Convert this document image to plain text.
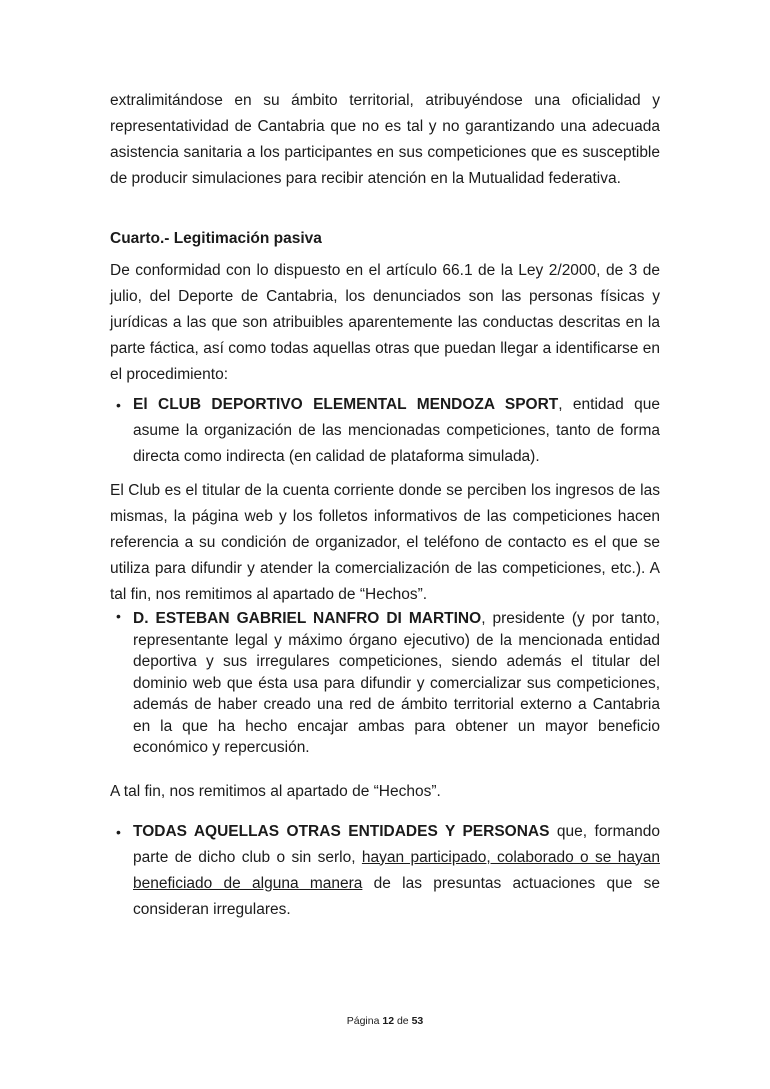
extralimitándose en su ámbito territorial, atribuyéndose una oficialidad y representatividad de Cantabria que no es tal y no garantizando una adecuada asistencia sanitaria a los participantes en sus competiciones que es susceptible de producir simulaciones para recibir atención en la Mutualidad federativa.

Cuarto.- Legitimación pasiva

De conformidad con lo dispuesto en el artículo 66.1 de la Ley 2/2000, de 3 de julio, del Deporte de Cantabria, los denunciados son las personas físicas y jurídicas a las que son atribuibles aparentemente las conductas descritas en la parte fáctica, así como todas aquellas otras que puedan llegar a identificarse en el procedimiento:

• El CLUB DEPORTIVO ELEMENTAL MENDOZA SPORT, entidad que asume la organización de las mencionadas competiciones, tanto de forma directa como indirecta (en calidad de plataforma simulada).

El Club es el titular de la cuenta corriente donde se perciben los ingresos de las mismas, la página web y los folletos informativos de las competiciones hacen referencia a su condición de organizador, el teléfono de contacto es el que se utiliza para difundir y atender la comercialización de las competiciones, etc.). A tal fin, nos remitimos al apartado de “Hechos”.

• D. ESTEBAN GABRIEL NANFRO DI MARTINO, presidente (y por tanto, representante legal y máximo órgano ejecutivo) de la mencionada entidad deportiva y sus irregulares competiciones, siendo además el titular del dominio web que ésta usa para difundir y comercializar sus competiciones, además de haber creado una red de ámbito territorial externo a Cantabria en la que ha hecho encajar ambas para obtener un mayor beneficio económico y repercusión.

A tal fin, nos remitimos al apartado de “Hechos”.

• TODAS AQUELLAS OTRAS ENTIDADES Y PERSONAS que, formando parte de dicho club o sin serlo, hayan participado, colaborado o se hayan beneficiado de alguna manera de las presuntas actuaciones que se consideran irregulares.
Página 12 de 53
